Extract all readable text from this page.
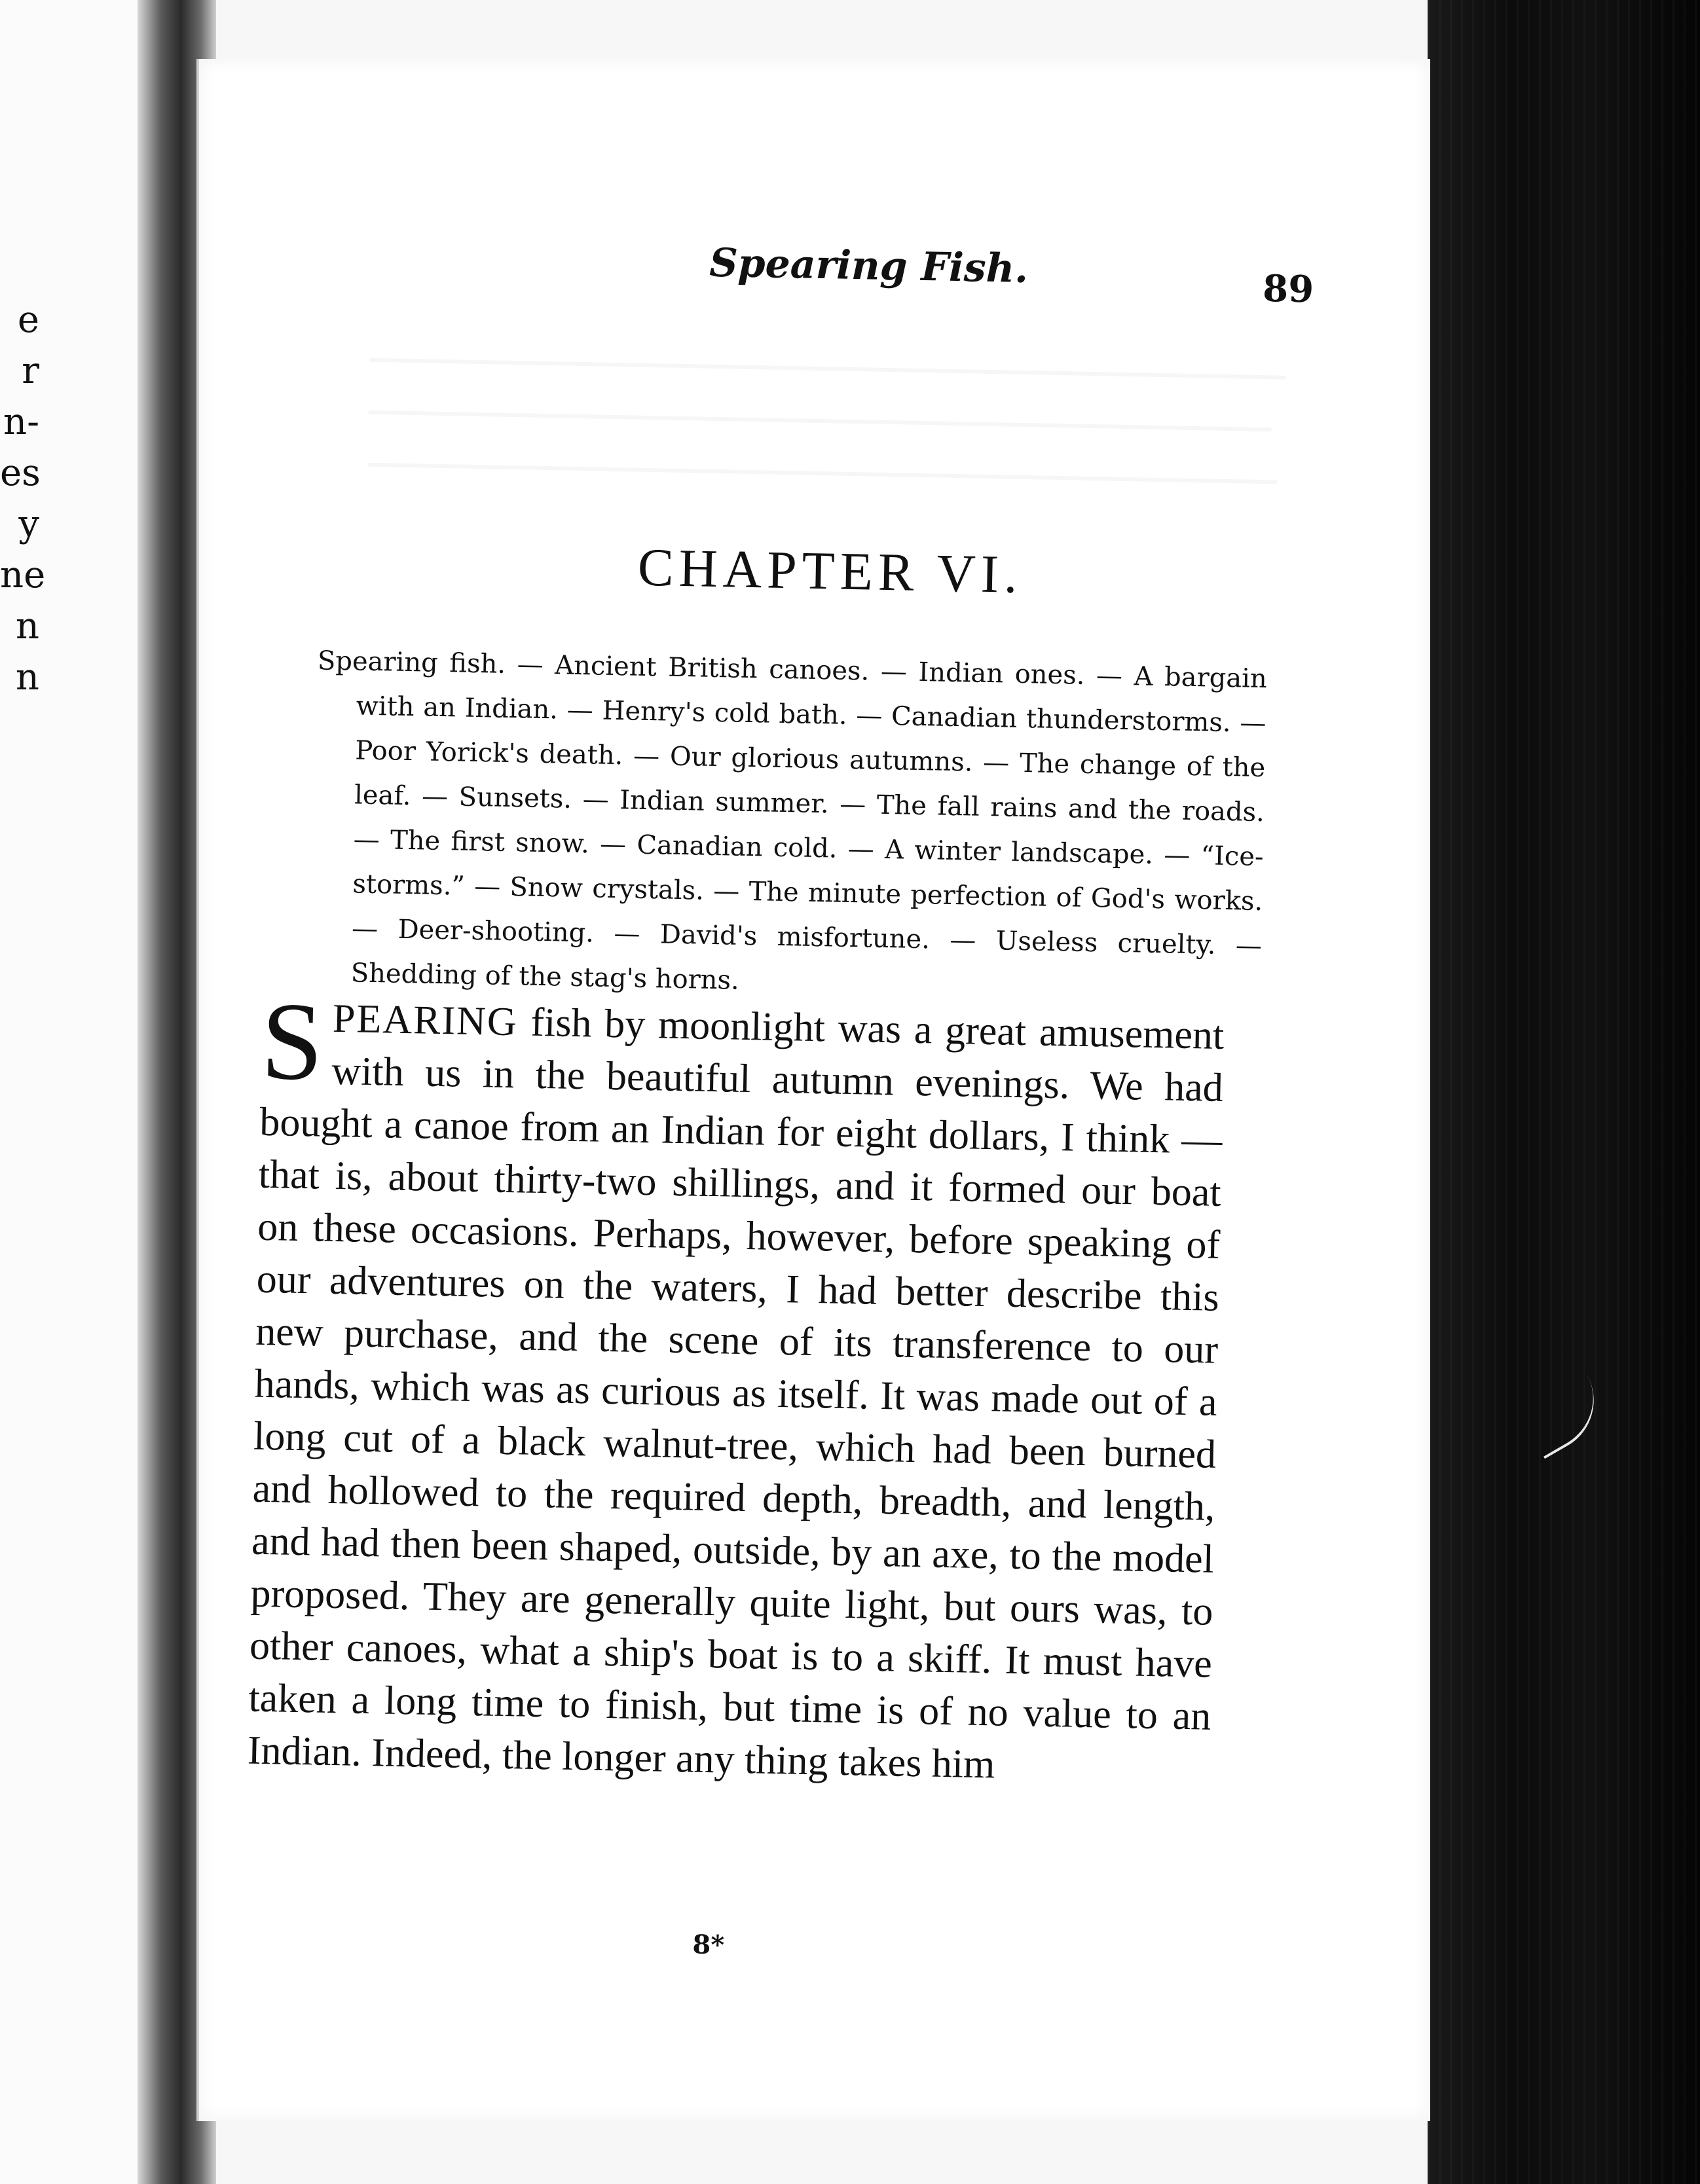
e
r
n-
es
y
ne
n
n
Spearing Fish.	89
CHAPTER VI.
Spearing fish. — Ancient British canoes. — Indian ones. — A bargain with an Indian. — Henry's cold bath. — Canadian thunderstorms. — Poor Yorick's death. — Our glorious autumns. — The change of the leaf. — Sunsets. — Indian summer. — The fall rains and the roads. — The first snow. — Canadian cold. — A winter landscape. — “Ice-storms.” — Snow crystals. — The minute perfection of God's works. — Deer-shooting. — David's misfortune. — Useless cruelty. — Shedding of the stag's horns.
S PEARING fish by moonlight was a great amusement with us in the beautiful autumn evenings. We had bought a canoe from an Indian for eight dollars, I think — that is, about thirty-two shillings, and it formed our boat on these occasions. Perhaps, however, before speaking of our adventures on the waters, I had better describe this new purchase, and the scene of its transference to our hands, which was as curious as itself. It was made out of a long cut of a black walnut-tree, which had been burned and hollowed to the required depth, breadth, and length, and had then been shaped, outside, by an axe, to the model proposed. They are generally quite light, but ours was, to other canoes, what a ship's boat is to a skiff. It must have taken a long time to finish, but time is of no value to an Indian. Indeed, the longer any thing takes him
8*
